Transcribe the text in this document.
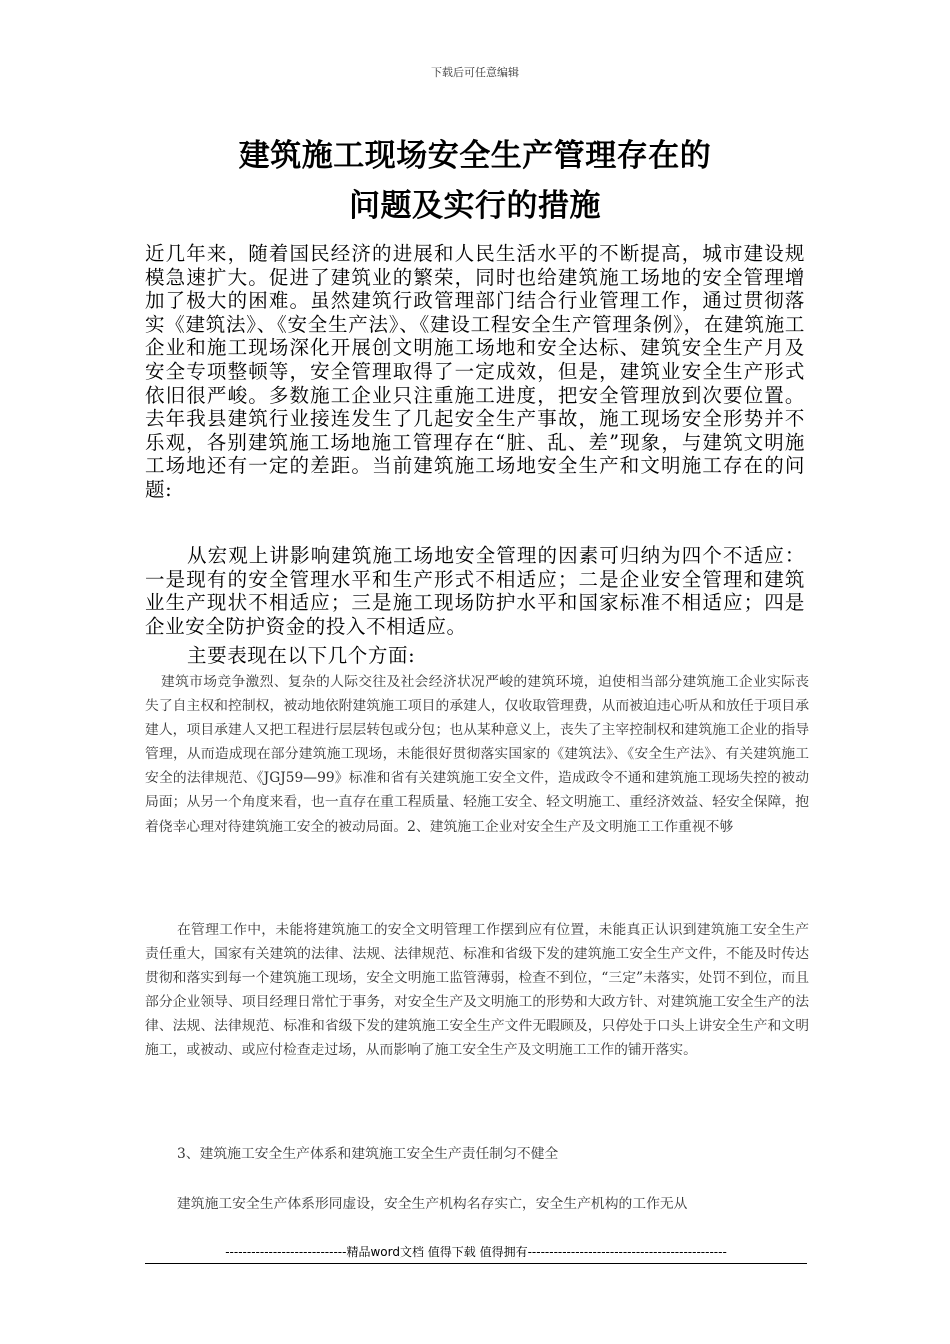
下载后可任意编辑
建筑施工现场安全生产管理存在的
问题及实行的措施
近几年来，随着国民经济的进展和人民生活水平的不断提高，城市建设规模急速扩大。促进了建筑业的繁荣，同时也给建筑施工场地的安全管理增加了极大的困难。虽然建筑行政管理部门结合行业管理工作，通过贯彻落实《建筑法》、《安全生产法》、《建设工程安全生产管理条例》，在建筑施工企业和施工现场深化开展创文明施工场地和安全达标、建筑安全生产月及安全专项整顿等，安全管理取得了一定成效，但是，建筑业安全生产形式依旧很严峻。多数施工企业只注重施工进度，把安全管理放到次要位置。去年我县建筑行业接连发生了几起安全生产事故，施工现场安全形势并不乐观，各别建筑施工场地施工管理存在“脏、乱、差”现象，与建筑文明施工场地还有一定的差距。当前建筑施工场地安全生产和文明施工存在的问题:
从宏观上讲影响建筑施工场地安全管理的因素可归纳为四个不适应：一是现有的安全管理水平和生产形式不相适应；二是企业安全管理和建筑业生产现状不相适应；三是施工现场防护水平和国家标准不相适应；四是企业安全防护资金的投入不相适应。
主要表现在以下几个方面:
建筑市场竞争激烈、复杂的人际交往及社会经济状况严峻的建筑环境，迫使相当部分建筑施工企业实际丧失了自主权和控制权，被动地依附建筑施工项目的承建人，仅收取管理费，从而被迫违心听从和放任于项目承建人，项目承建人又把工程进行层层转包或分包；也从某种意义上，丧失了主宰控制权和建筑施工企业的指导管理，从而造成现在部分建筑施工现场，未能很好贯彻落实国家的《建筑法》、《安全生产法》、有关建筑施工安全的法律规范、《JGJ59—99》标准和省有关建筑施工安全文件，造成政令不通和建筑施工现场失控的被动局面；从另一个角度来看，也一直存在重工程质量、轻施工安全、轻文明施工、重经济效益、轻安全保障，抱着侥幸心理对待建筑施工安全的被动局面。2、建筑施工企业对安全生产及文明施工工作重视不够
在管理工作中，未能将建筑施工的安全文明管理工作摆到应有位置，未能真正认识到建筑施工安全生产责任重大，国家有关建筑的法律、法规、法律规范、标准和省级下发的建筑施工安全生产文件，不能及时传达贯彻和落实到每一个建筑施工现场，安全文明施工监管薄弱，检查不到位，“三定”未落实，处罚不到位，而且部分企业领导、项目经理日常忙于事务，对安全生产及文明施工的形势和大政方针、对建筑施工安全生产的法律、法规、法律规范、标准和省级下发的建筑施工安全生产文件无暇顾及，只停处于口头上讲安全生产和文明施工，或被动、或应付检查走过场，从而影响了施工安全生产及文明施工工作的铺开落实。
3、建筑施工安全生产体系和建筑施工安全生产责任制匀不健全
建筑施工安全生产体系形同虚设，安全生产机构名存实亡，安全生产机构的工作无从
----------------------------精品word文档 值得下载 值得拥有----------------------------------------------
